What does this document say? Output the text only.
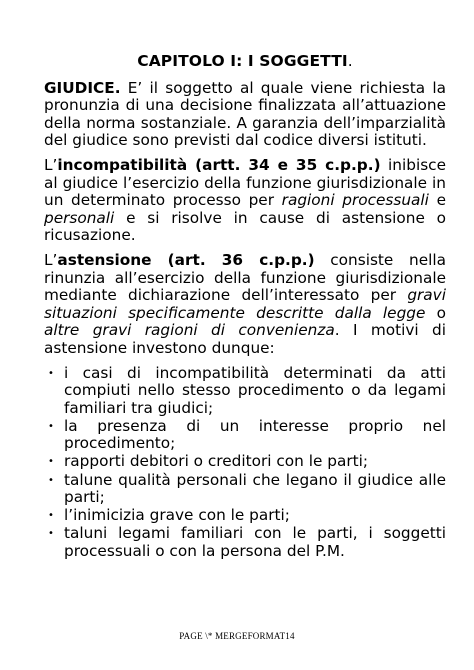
CAPITOLO I: I SOGGETTI.

GIUDICE. E’ il soggetto al quale viene richiesta la pronunzia di una decisione finalizzata all’attuazione della norma sostanziale. A garanzia dell’imparzialità del giudice sono previsti dal codice diversi istituti.

L’incompatibilità (artt. 34 e 35 c.p.p.) inibisce al giudice l’esercizio della funzione giurisdizionale in un determinato processo per ragioni processuali e personali e si risolve in cause di astensione o ricusazione.

L’astensione (art. 36 c.p.p.) consiste nella rinunzia all’esercizio della funzione giurisdizionale mediante dichiarazione dell’interessato per gravi situazioni specificamente descritte dalla legge o altre gravi ragioni di convenienza. I motivi di astensione investono dunque:

• i casi di incompatibilità determinati da atti compiuti nello stesso procedimento o da legami familiari tra giudici;
• la presenza di un interesse proprio nel procedimento;
• rapporti debitori o creditori con le parti;
• talune qualità personali che legano il giudice alle parti;
• l’inimicizia grave con le parti;
• taluni legami familiari con le parti, i soggetti processuali o con la persona del P.M.
PAGE \* MERGEFORMAT14
